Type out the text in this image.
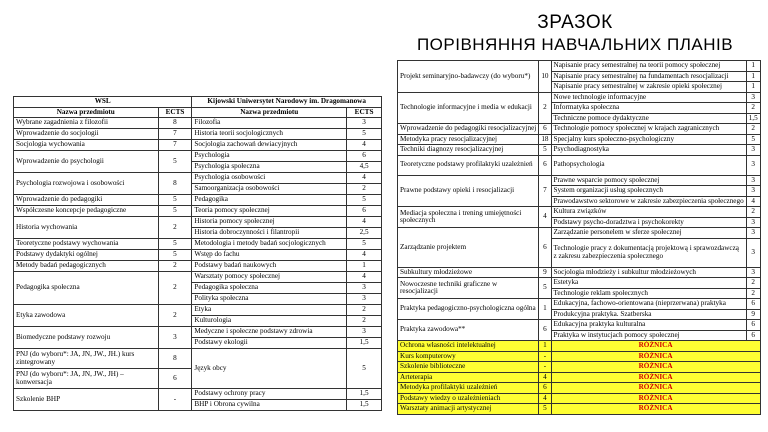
ЗРАЗОК
ПОРІВНЯННЯ НАВЧАЛЬНИХ ПЛАНІВ
WSL		Kijowski Uniwersytet Narodowy im. Dragomanowa	
Nazwa przedmiotu	ECTS	Nazwa przedmiotu	ECTS
Wybrane zagadnienia z filozofii	8	Filozofia	3
Wprowadzenie do socjologii	7	Historia teorii socjologicznych	5
Socjologia wychowania	7	Socjologia zachowań dewiacyjnych	4
Wprowadzenie do psychologii	5	Psychologia	6
		Psychologia społeczna	4,5
Psychologia rozwojowa i osobowości	8	Psychologia osobowości	4
		Samoorganizacja osobowości	2
Wprowadzenie do pedagogiki	5	Pedagogika	5
Współczesne koncepcje pedagogiczne	5	Teoria pomocy społecznej	6
Historia wychowania	2	Historia pomocy społecznej	4
		Historia dobroczynności i filantropii	2,5
Teoretyczne podstawy wychowania	5	Metodologia i metody badań socjologicznych	5
Podstawy dydaktyki ogólnej	5	Wstęp do fachu	4
Metody badań pedagogicznych	2	Podstawy badań naukowych	1
Pedagogika społeczna	2	Warsztaty pomocy społecznej	4
		Pedagogika społeczna	3
		Polityka społeczna	3
Etyka zawodowa	2	Etyka	2
		Kulturologia	2
Biomedyczne podstawy rozwoju	3	Medyczne i społeczne podstawy zdrowia	3
		Podstawy ekologii	1,5
PNJ (do wyboru*: JA, JN, JW., JH.) kurs zintegrowany	8	Język obcy	5
PNJ (do wyboru*: JA, JN, JW., JH) – konwersacja	6		
Szkolenie BHP	-	Podstawy ochrony pracy	1,5
		BHP i Obrona cywilna	1,5
Projekt seminaryjno-badawczy (do wyboru*)	10	Napisanie pracy semestralnej na teorii pomocy społecznej	1
		Napisanie pracy semestralnej na fundamentach resocjalizacji	1
		Napisanie pracy semestralnej w zakresie opieki społecznej	1
Technologie informacyjne i media w edukacji	2	Nowe technologie informacyjne	3
		Informatyka społeczna	2
		Techniczne pomoce dydaktyczne	1,5
Wprowadzenie do pedagogiki resocjalizacyjnej	6	Technologie pomocy społecznej w krajach zagranicznych	2
Metodyka pracy resocjalizacyjnej	18	Specjalny kurs społeczno-psychologiczny	5
Techniki diagnozy resocjalizacyjnej	5	Psychodiagnostyka	3
Teoretyczne podstawy profilaktyki uzależnień	6	Pathopsychologia	3
Prawne podstawy opieki i resocjalizacji	7	Prawne wsparcie pomocy społecznej	3
		System organizacji usług społecznych	3
		Prawodawstwo sektorowe w zakresie zabezpieczenia społecznego	4
Mediacja społeczna i trening umiejętności społecznych	4	Kultura związków	2
		Podstawy psycho-doradztwa i psychokorekty	3
Zarządzanie projektem	6	Zarządzanie personelem w sferze społecznej	3
		Technologie pracy z dokumentacją projektową i sprawozdawczą z zakresu zabezpieczenia społecznego	3
Subkultury młodzieżowe	9	Socjologia młodzieży i subkultur młodzieżowych	3
Nowoczesne techniki graficzne w resocjalizacji	5	Estetyka	2
		Technologie reklam społecznych	2
Praktyka pedagogiczno-psychologiczna ogólna	1	Edukacyjna, fachowo-orientowana (nieprzerwana) praktyka	6
		Produkcyjna praktyka. Szatberska	9
Praktyka zawodowa**	6	Edukacyjna praktyka kulturalna	6
		Praktyka w instytucjach pomocy społecznej	6
Ochrona własności intelektualnej	1	RÓŻNICA	
Kurs komputerowy	-	RÓŻNICA	
Szkolenie biblioteczne	-	RÓŻNICA	
Arteterapia	4	RÓŻNICA	
Metodyka profilaktyki uzależnień	6	RÓŻNICA	
Podstawy wiedzy o uzależnieniach	4	RÓŻNICA	
Warsztaty animacji artystycznej	5	RÓŻNICA	
